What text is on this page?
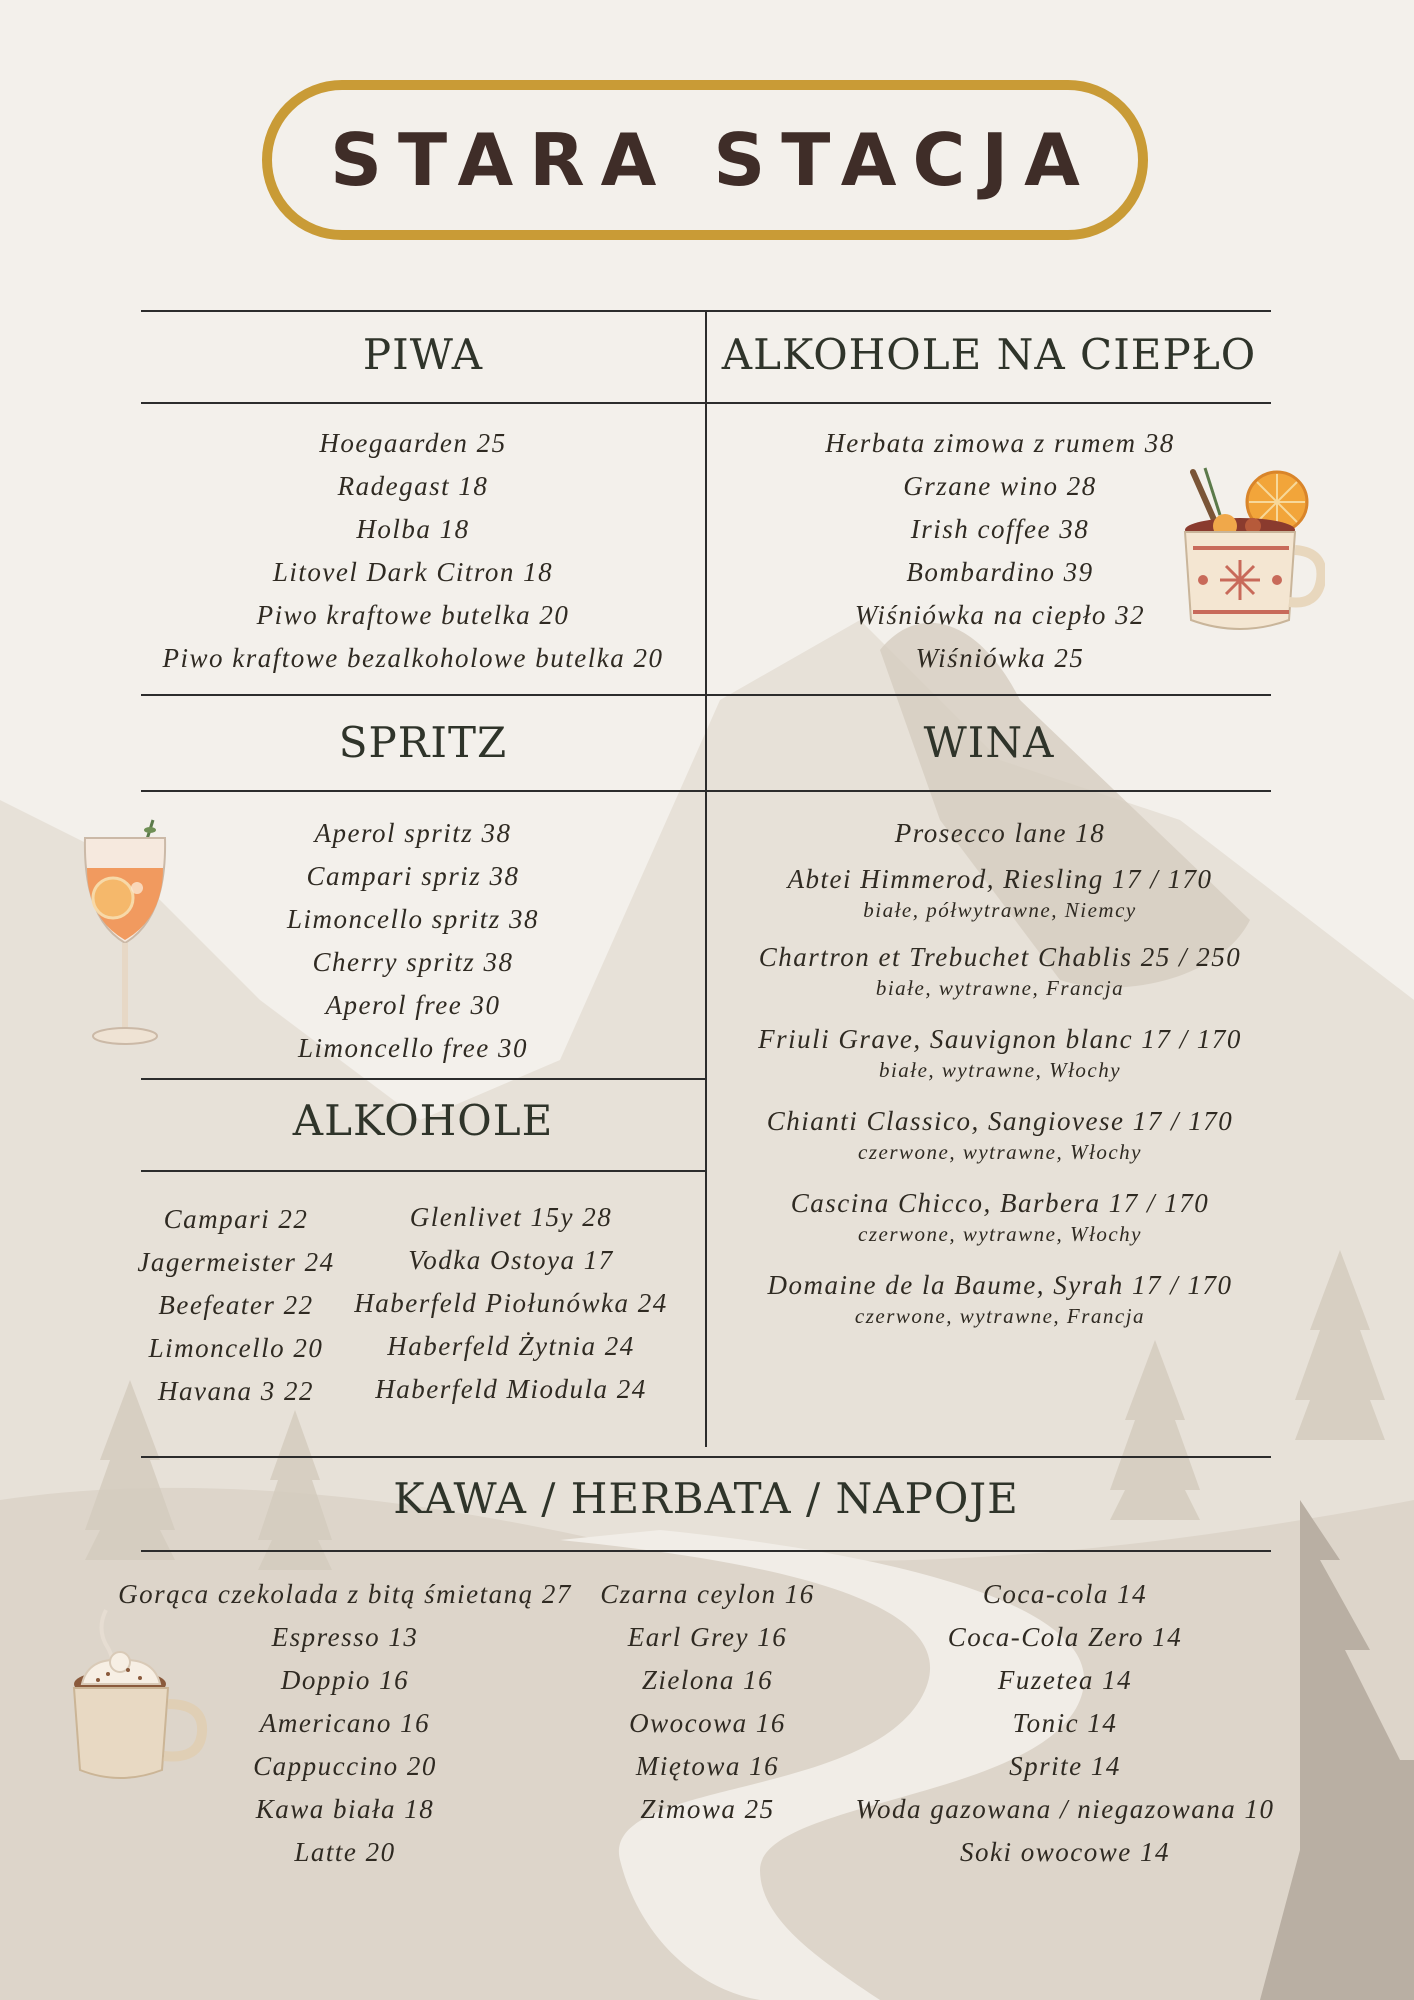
STARA STACJA
PIWA	ALKOHOLE NA CIEPŁO
SPRITZ	WINA
ALKOHOLE
KAWA / HERBATA / NAPOJE
Hoegaarden 25
Radegast 18
Holba 18
Litovel Dark Citron 18
Piwo kraftowe butelka 20
Piwo kraftowe bezalkoholowe butelka 20
Herbata zimowa z rumem 38
Grzane wino 28
Irish coffee 38
Bombardino 39
Wiśniówka na ciepło 32
Wiśniówka 25
Aperol spritz 38
Campari spriz 38
Limoncello spritz 38
Cherry spritz 38
Aperol free 30
Limoncello free 30
Prosecco lane 18
Abtei Himmerod, Riesling 17 / 170
białe, półwytrawne, Niemcy
Chartron et Trebuchet Chablis 25 / 250
białe, wytrawne, Francja
Friuli Grave, Sauvignon blanc 17 / 170
białe, wytrawne, Włochy
Chianti Classico, Sangiovese 17 / 170
czerwone, wytrawne, Włochy
Cascina Chicco, Barbera 17 / 170
czerwone, wytrawne, Włochy
Domaine de la Baume, Syrah 17 / 170
czerwone, wytrawne, Francja
Campari 22
Jagermeister 24
Beefeater 22
Limoncello 20
Havana 3 22
Glenlivet 15y 28
Vodka Ostoya 17
Haberfeld Piołunówka 24
Haberfeld Żytnia 24
Haberfeld Miodula 24
Gorąca czekolada z bitą śmietaną 27
Espresso 13
Doppio 16
Americano 16
Cappuccino 20
Kawa biała 18
Latte 20
Czarna ceylon 16
Earl Grey 16
Zielona 16
Owocowa 16
Miętowa 16
Zimowa 25
Coca-cola 14
Coca-Cola Zero 14
Fuzetea 14
Tonic 14
Sprite 14
Woda gazowana / niegazowana 10
Soki owocowe 14
